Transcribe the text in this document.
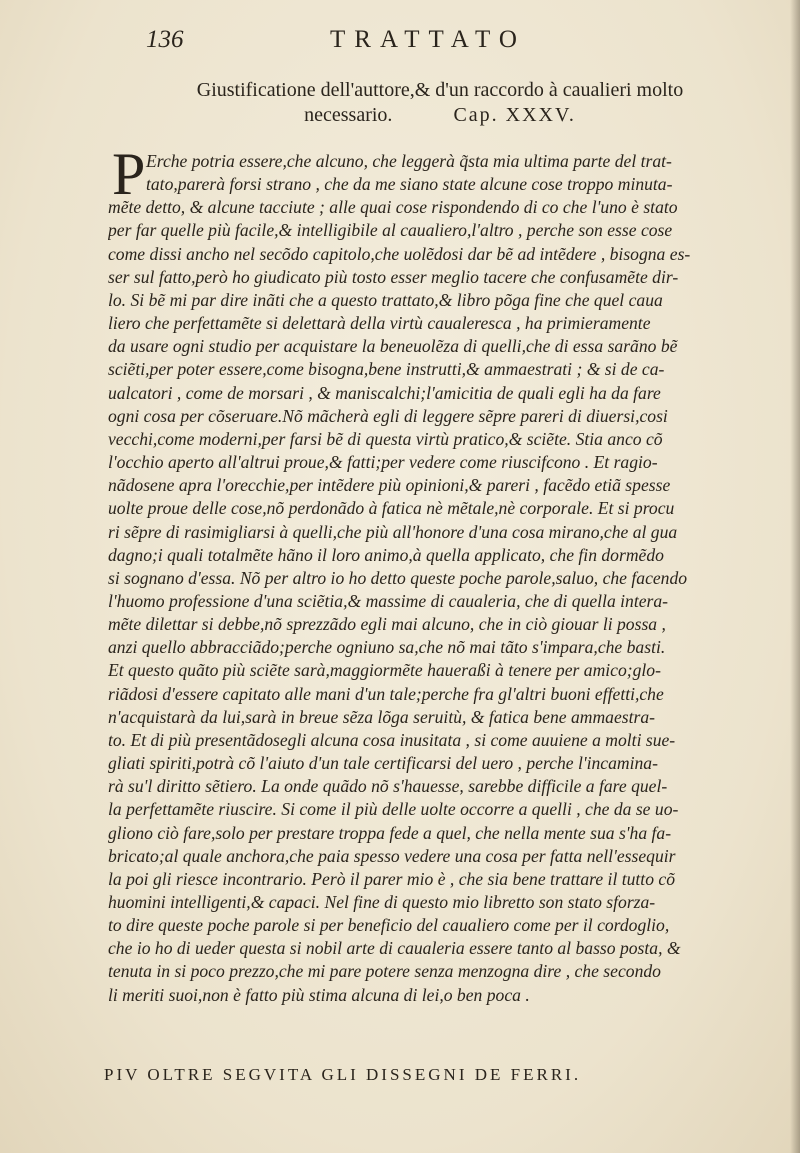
136	TRATTATO
Giustificatione dell'auttore,& d'un raccordo à caualieri molto
necessario.	Cap. XXXV.
P Erche potria essere,che alcuno, che leggerà q̃sta mia ultima parte del trat-
tato,parerà forsi strano , che da me siano state alcune cose troppo minuta-
mẽte detto, & alcune tacciute ; alle quai cose rispondendo di co che l'uno è stato
per far quelle più facile,& intelligibile al caualiero,l'altro , perche son esse cose
come dissi ancho nel secõdo capitolo,che uolẽdosi dar bẽ ad intẽdere , bisogna es-
ser sul fatto,però ho giudicato più tosto esser meglio tacere che confusamẽte dir-
lo. Si bẽ mi par dire inãti che a questo trattato,& libro põga fine che quel caua
liero che perfettamẽte si delettarà della virtù caualeresca , ha primieramente
da usare ogni studio per acquistare la beneuolẽza di quelli,che di essa sarãno bẽ
sciẽti,per poter essere,come bisogna,bene instrutti,& ammaestrati ; & si de ca-
ualcatori , come de morsari , & maniscalchi;l'amicitia de quali egli ha da fare
ogni cosa per cõseruare.Nõ mãcherà egli di leggere sẽpre pareri di diuersi,cosi
vecchi,come moderni,per farsi bẽ di questa virtù pratico,& sciẽte. Stia anco cõ
l'occhio aperto all'altrui proue,& fatti;per vedere come riuscifcono . Et ragio-
nãdosene apra l'orecchie,per intẽdere più opinioni,& pareri , facẽdo etiã spesse
uolte proue delle cose,nõ perdonãdo à fatica nè mẽtale,nè corporale. Et si procu
ri sẽpre di rasimigliarsi à quelli,che più all'honore d'una cosa mirano,che al gua
dagno;i quali totalmẽte hãno il loro animo,à quella applicato, che fin dormẽdo
si sognano d'essa. Nõ per altro io ho detto queste poche parole,saluo, che facendo
l'huomo professione d'una sciẽtia,& massime di caualeria, che di quella intera-
mẽte dilettar si debbe,nõ sprezzãdo egli mai alcuno, che in ciò giouar li possa ,
anzi quello abbracciãdo;perche ogniuno sa,che nõ mai tãto s'impara,che basti.
Et questo quãto più sciẽte sarà,maggiormẽte haueraßi à tenere per amico;glo-
riãdosi d'essere capitato alle mani d'un tale;perche fra gl'altri buoni effetti,che
n'acquistarà da lui,sarà in breue sẽza lõga seruitù, & fatica bene ammaestra-
to. Et di più presentãdosegli alcuna cosa inusitata , si come auuiene a molti sue-
gliati spiriti,potrà cõ l'aiuto d'un tale certificarsi del uero , perche l'incamina-
rà su'l diritto sẽtiero. La onde quãdo nõ s'hauesse, sarebbe difficile a fare quel-
la perfettamẽte riuscire. Si come il più delle uolte occorre a quelli , che da se uo-
gliono ciò fare,solo per prestare troppa fede a quel, che nella mente sua s'ha fa-
bricato;al quale anchora,che paia spesso vedere una cosa per fatta nell'essequir
la poi gli riesce incontrario. Però il parer mio è , che sia bene trattare il tutto cõ
huomini intelligenti,& capaci. Nel fine di questo mio libretto son stato sforza-
to dire queste poche parole si per beneficio del caualiero come per il cordoglio,
che io ho di ueder questa si nobil arte di caualeria essere tanto al basso posta, &
tenuta in si poco prezzo,che mi pare potere senza menzogna dire , che secondo
li meriti suoi,non è fatto più stima alcuna di lei,o ben poca .
PIV OLTRE SEGVITA GLI DISSEGNI DE FERRI.
